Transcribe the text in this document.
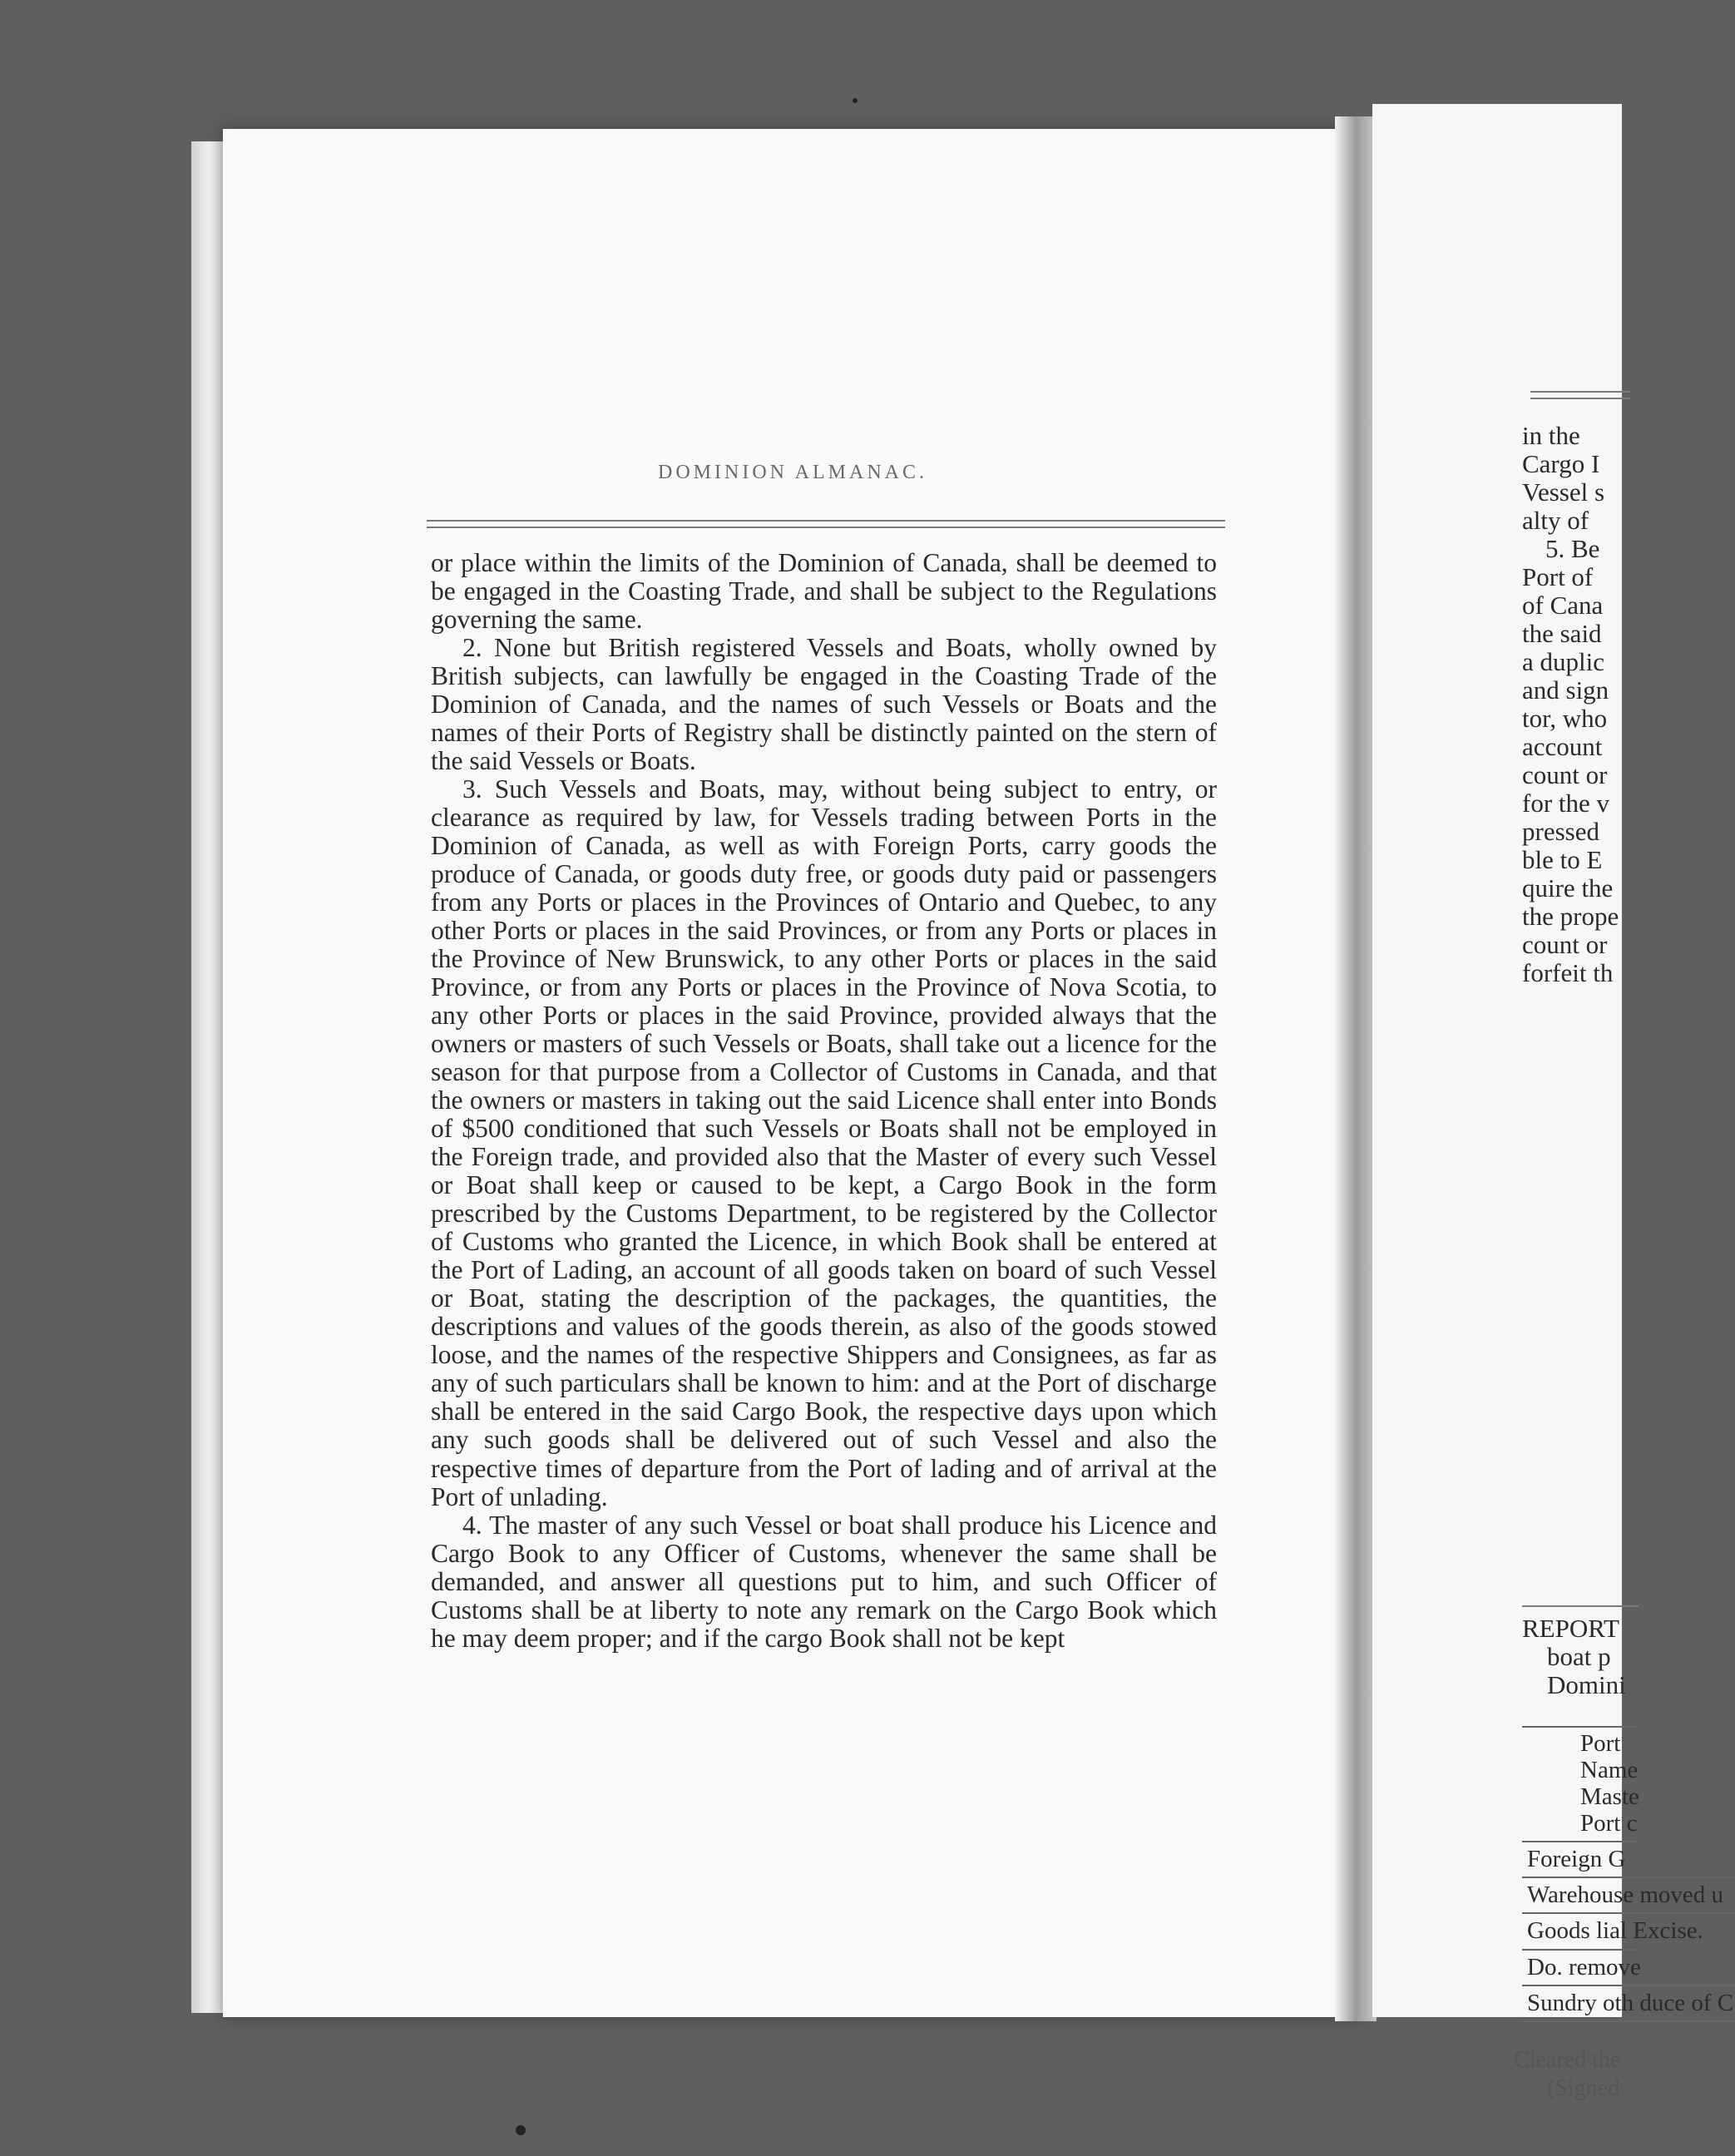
DOMINION ALMANAC.

or place within the limits of the Dominion of Canada, shall be deemed to be engaged in the Coasting Trade, and shall be subject to the Regulations governing the same.

2. None but British registered Vessels and Boats, wholly owned by British subjects, can lawfully be engaged in the Coasting Trade of the Dominion of Canada, and the names of such Vessels or Boats and the names of their Ports of Registry shall be distinctly painted on the stern of the said Vessels or Boats.

3. Such Vessels and Boats, may, without being subject to entry, or clearance as required by law, for Vessels trading between Ports in the Dominion of Canada, as well as with Foreign Ports, carry goods the produce of Canada, or goods duty free, or goods duty paid or passengers from any Ports or places in the Provinces of Ontario and Quebec, to any other Ports or places in the said Provinces, or from any Ports or places in the Province of New Brunswick, to any other Ports or places in the said Province, or from any Ports or places in the Province of Nova Scotia, to any other Ports or places in the said Province, provided always that the owners or masters of such Vessels or Boats, shall take out a licence for the season for that purpose from a Collector of Customs in Canada, and that the owners or masters in taking out the said Licence shall enter into Bonds of $500 conditioned that such Vessels or Boats shall not be employed in the Foreign trade, and provided also that the Master of every such Vessel or Boat shall keep or caused to be kept, a Cargo Book in the form prescribed by the Customs Department, to be registered by the Collector of Customs who granted the Licence, in which Book shall be entered at the Port of Lading, an account of all goods taken on board of such Vessel or Boat, stating the description of the packages, the quantities, the descriptions and values of the goods therein, as also of the goods stowed loose, and the names of the respective Shippers and Consignees, as far as any of such particulars shall be known to him: and at the Port of discharge shall be entered in the said Cargo Book, the respective days upon which any such goods shall be delivered out of such Vessel and also the respective times of departure from the Port of lading and of arrival at the Port of unlading.

4. The master of any such Vessel or boat shall produce his Licence and Cargo Book to any Officer of Customs, whenever the same shall be demanded, and answer all questions put to him, and such Officer of Customs shall be at liberty to note any remark on the Cargo Book which he may deem proper; and if the cargo Book shall not be kept

in the
Cargo I
Vessel s
alty of
5. Be
Port of
of Cana
the said
a duplic
and sign
tor, who
account
count or
for the v
pressed
ble to E
quire the
the prope
count or
forfeit th
REPORT
boat p
Domini
Port
Name
Maste
Port c
Foreign G
Warehouse moved u
Goods lial Excise.
Do. remove
Sundry oth duce of C
Cleared the
(Signed
